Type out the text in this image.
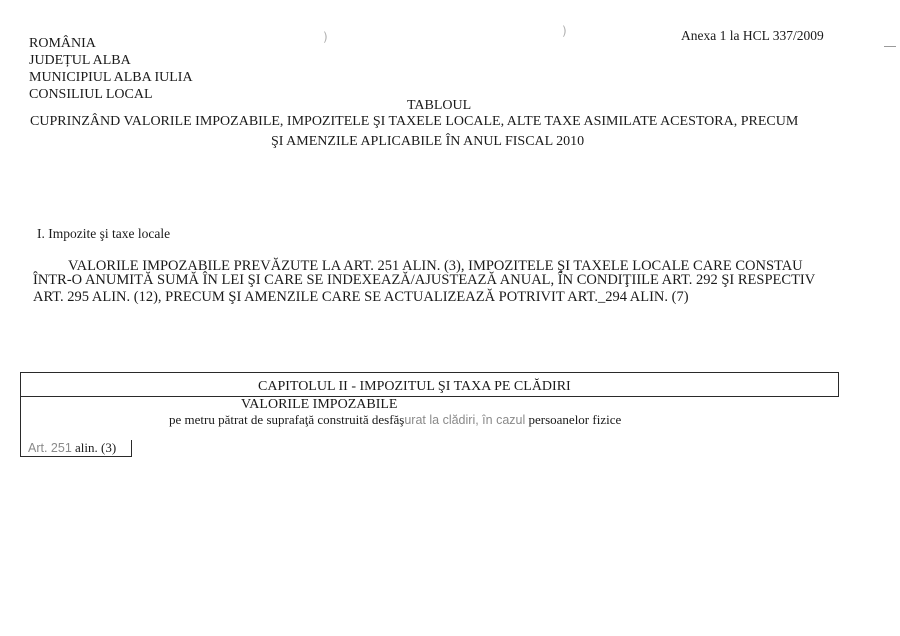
Anexa 1 la HCL 337/2009
ROMÂNIA
JUDEȚUL ALBA
MUNICIPIUL ALBA IULIA
CONSILIUL LOCAL
TABLOUL
CUPRINZÂND VALORILE IMPOZABILE, IMPOZITELE ŞI TAXELE LOCALE, ALTE TAXE ASIMILATE ACESTORA, PRECUM
ŞI AMENZILE APLICABILE ÎN ANUL FISCAL 2010
I. Impozite şi taxe locale
VALORILE IMPOZABILE PREVĂZUTE LA ART. 251 ALIN. (3), IMPOZITELE ŞI TAXELE LOCALE CARE CONSTAU
ÎNTR-O ANUMITĂ SUMĂ ÎN LEI ŞI CARE SE INDEXEAZĂ/AJUSTEAZĂ ANUAL, ÎN CONDIŢIILE ART. 292 ŞI RESPECTIV
ART. 295 ALIN. (12), PRECUM ŞI AMENZILE CARE SE ACTUALIZEAZĂ POTRIVIT ART._294 ALIN. (7)
CAPITOLUL II - IMPOZITUL ŞI TAXA PE CLĂDIRI
VALORILE IMPOZABILE
pe metru pătrat de suprafaţă construită desfăşurat la clădiri, în cazul persoanelor fizice
Art. 251 alin. (3)
)	)
